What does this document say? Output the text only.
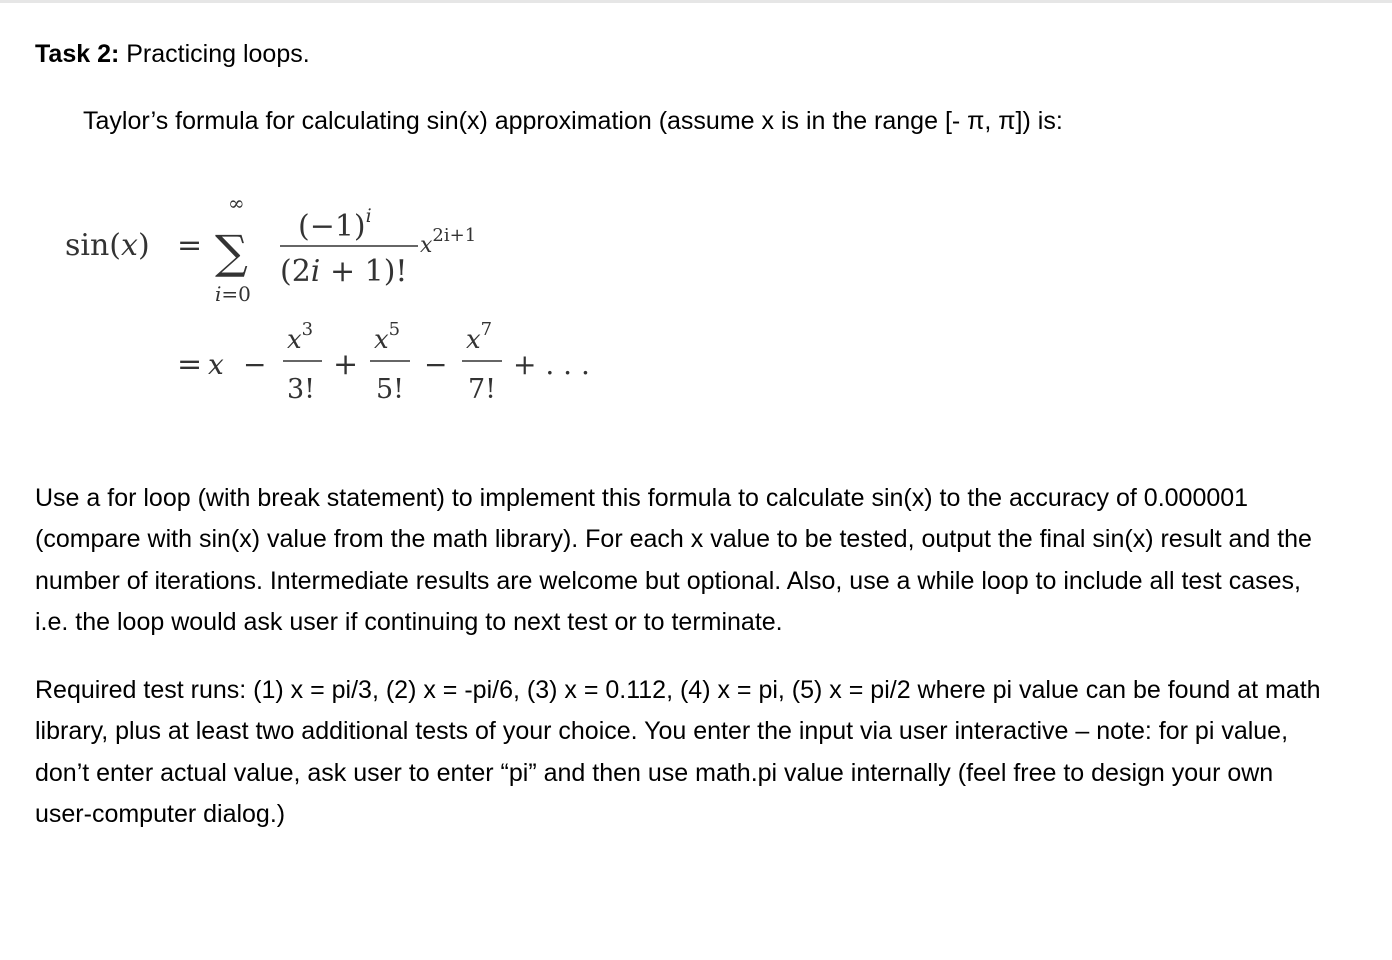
Task 2: Practicing loops.
Taylor’s formula for calculating sin(x) approximation (assume x is in the range [- π, π]) is:
sin(x) =
∞
∑
i=0
$(-1)^i$
(2i + 1)!
$x^{2i+1}$
= x −
$x^3$
3!
+
$x^5$
5!
−
$x^7$
7!
+ . . .

Use a for loop (with break statement) to implement this formula to calculate sin(x) to the accuracy of 0.000001 (compare with sin(x) value from the math library). For each x value to be tested, output the final sin(x) result and the number of iterations. Intermediate results are welcome but optional. Also, use a while loop to include all test cases, i.e. the loop would ask user if continuing to next test or to terminate.

Required test runs: (1) x = pi/3, (2) x = -pi/6, (3) x = 0.112, (4) x = pi, (5) x = pi/2 where pi value can be found at math library, plus at least two additional tests of your choice. You enter the input via user interactive – note: for pi value, don’t enter actual value, ask user to enter “pi” and then use math.pi value internally (feel free to design your own user-computer dialog.)
